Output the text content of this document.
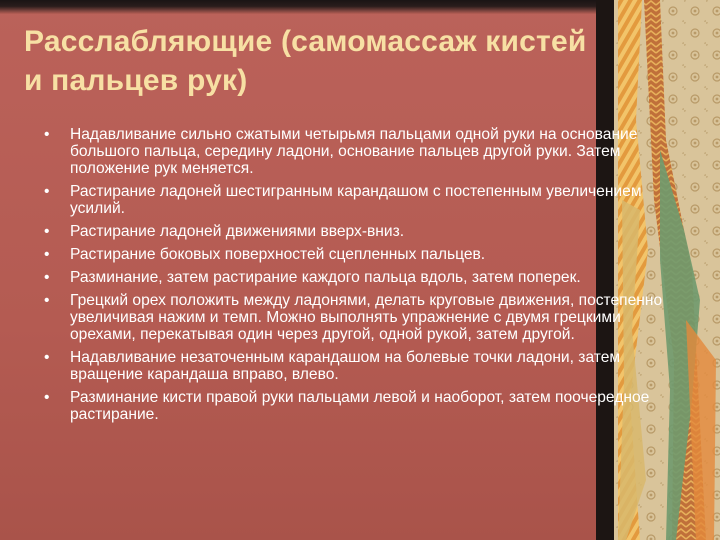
Расслабляющие (самомассаж кистей и пальцев рук)
•	Надавливание сильно сжатыми четырьмя пальцами одной руки на основание большого пальца, середину ладони, основание пальцев другой руки. Затем положение рук меняется.
•	Растирание ладоней шестигранным карандашом с постепенным увеличением усилий.
•	Растирание ладоней движениями вверх-вниз.
•	Растирание боковых поверхностей сцепленных пальцев.
•	Разминание, затем растирание каждого пальца вдоль, затем поперек.
•	Грецкий орех положить между ладонями, делать круговые движения, постепенно увеличивая нажим и темп. Можно выполнять упражнение с двумя грецкими орехами, перекатывая один через другой, одной рукой, затем другой.
•	Надавливание незаточенным карандашом на болевые точки ладони, затем вращение карандаша вправо, влево.
•	Разминание кисти правой руки пальцами левой и наоборот, затем поочередное растирание.
